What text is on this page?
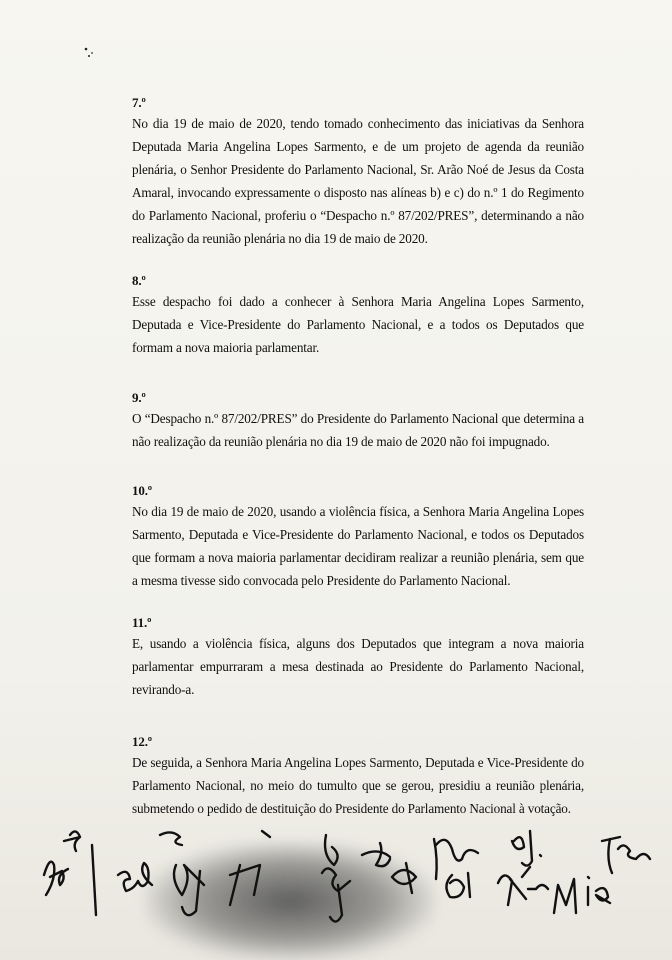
7.º

No dia 19 de maio de 2020, tendo tomado conhecimento das iniciativas da Senhora Deputada Maria Angelina Lopes Sarmento, e de um projeto de agenda da reunião plenária, o Senhor Presidente do Parlamento Nacional, Sr. Arão Noé de Jesus da Costa Amaral, invocando expressamente o disposto nas alíneas b) e c) do n.º 1 do Regimento do Parlamento Nacional, proferiu o “Despacho n.º 87/202/PRES”, determinando a não realização da reunião plenária no dia 19 de maio de 2020.

8.º

Esse despacho foi dado a conhecer à Senhora Maria Angelina Lopes Sarmento, Deputada e Vice-Presidente do Parlamento Nacional, e a todos os Deputados que formam a nova maioria parlamentar.

9.º

O “Despacho n.º 87/202/PRES” do Presidente do Parlamento Nacional que determina a não realização da reunião plenária no dia 19 de maio de 2020 não foi impugnado.

10.º

No dia 19 de maio de 2020, usando a violência física, a Senhora Maria Angelina Lopes Sarmento, Deputada e Vice-Presidente do Parlamento Nacional, e todos os Deputados que formam a nova maioria parlamentar decidiram realizar a reunião plenária, sem que a mesma tivesse sido convocada pelo Presidente do Parlamento Nacional.

11.º

E, usando a violência física, alguns dos Deputados que integram a nova maioria parlamentar empurraram a mesa destinada ao Presidente do Parlamento Nacional, revirando-a.

12.º

De seguida, a Senhora Maria Angelina Lopes Sarmento, Deputada e Vice-Presidente do Parlamento Nacional, no meio do tumulto que se gerou, presidiu a reunião plenária, submetendo o pedido de destituição do Presidente do Parlamento Nacional à votação.
